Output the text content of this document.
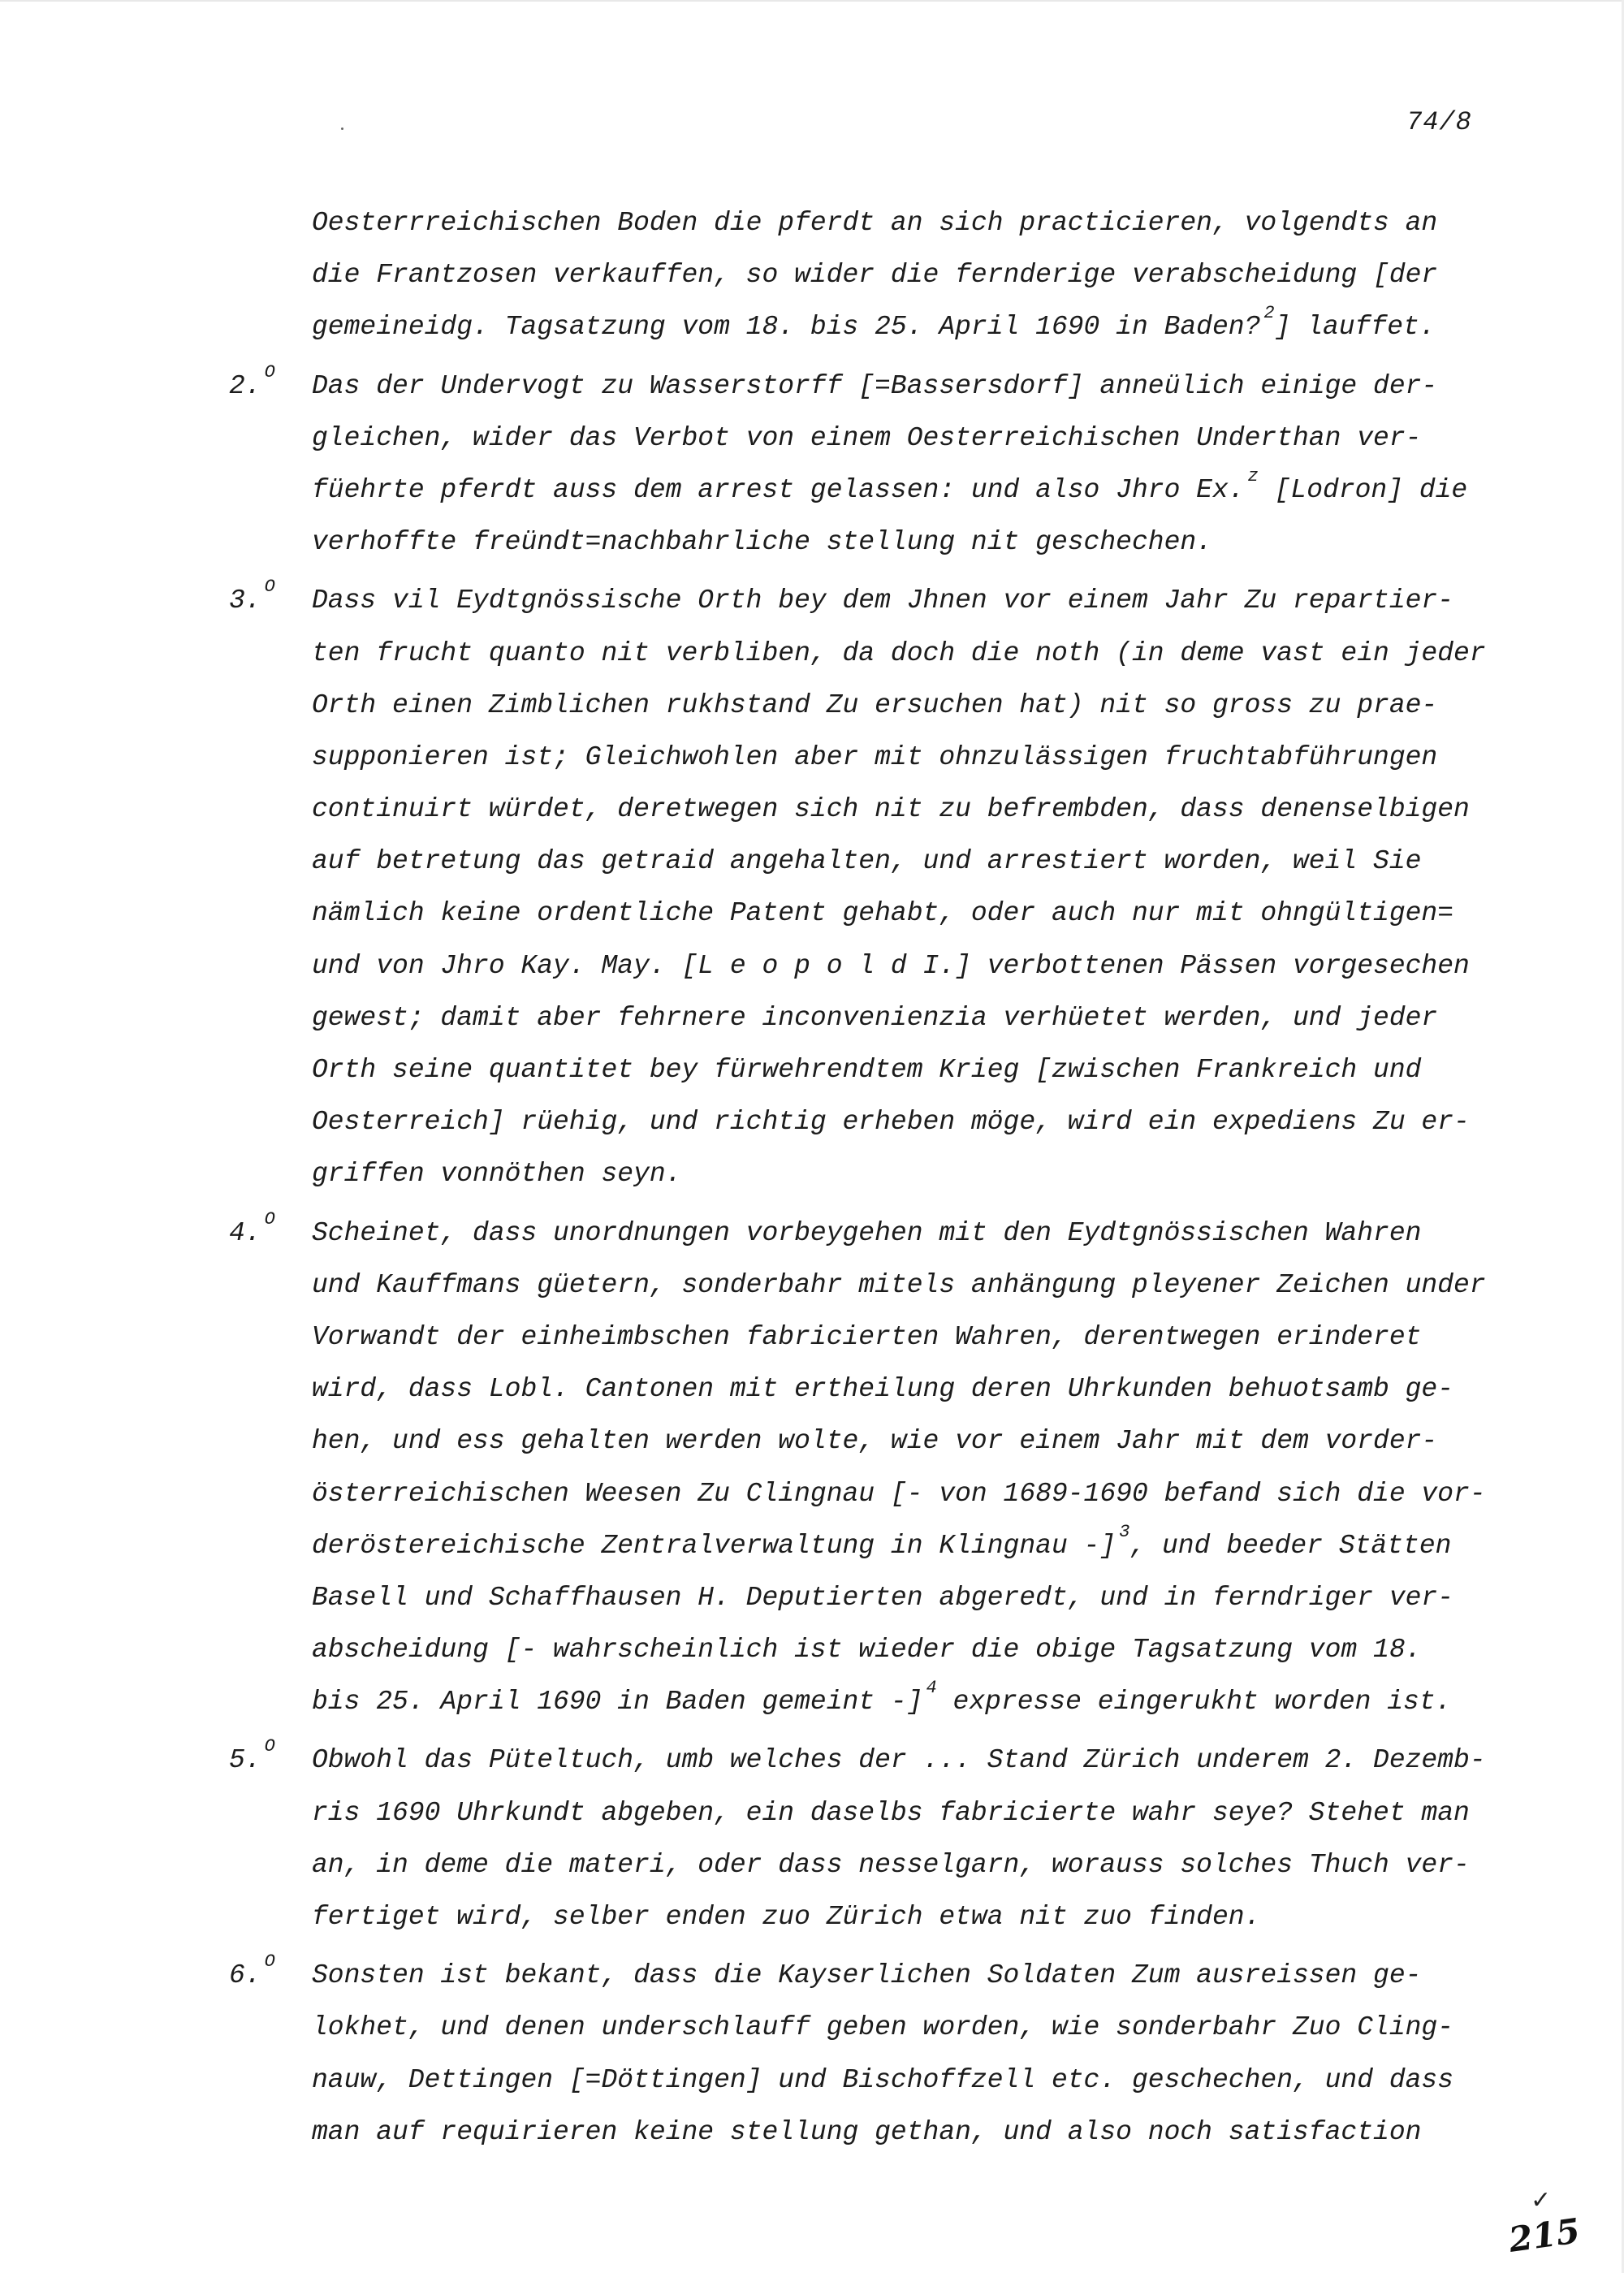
74/8
Oesterrreichischen Boden die pferdt an sich practicieren, volgendts an
die Frantzosen verkauffen, so wider die fernderige verabscheidung [der
gemeineidg. Tagsatzung vom 18. bis 25. April 1690 in Baden? $^2$] lauffet.
2. $^O$ Das der Undervogt zu Wasserstorff [=Bassersdorf] anneülich einige der-
gleichen, wider das Verbot von einem Oesterreichischen Underthan ver-
füehrte pferdt auss dem arrest gelassen: und also Jhro Ex. $^z$ [Lodron] die
verhoffte freündt=nachbahrliche stellung nit geschechen.
3. $^O$ Dass vil Eydtgnössische Orth bey dem Jhnen vor einem Jahr Zu repartier-
ten frucht quanto nit verbliben, da doch die noth (in deme vast ein jeder
Orth einen Zimblichen rukhstand Zu ersuchen hat) nit so gross zu prae-
supponieren ist; Gleichwohlen aber mit ohnzulässigen fruchtabführungen
continuirt würdet, deretwegen sich nit zu befrembden, dass denenselbigen
auf betretung das getraid angehalten, und arrestiert worden, weil Sie
nämlich keine ordentliche Patent gehabt, oder auch nur mit ohngültigen=
und von Jhro Kay. May. [L e o p o l d I.] verbottenen Pässen vorgesechen
gewest; damit aber fehrnere inconvenienzia verhüetet werden, und jeder
Orth seine quantitet bey fürwehrendtem Krieg [zwischen Frankreich und
Oesterreich] rüehig, und richtig erheben möge, wird ein expediens Zu er-
griffen vonnöthen seyn.
4. $^O$ Scheinet, dass unordnungen vorbeygehen mit den Eydtgnössischen Wahren
und Kauffmans güetern, sonderbahr mitels anhängung pleyener Zeichen under
Vorwandt der einheimbschen fabricierten Wahren, derentwegen erinderet
wird, dass Lobl. Cantonen mit ertheilung deren Uhrkunden behuotsamb ge-
hen, und ess gehalten werden wolte, wie vor einem Jahr mit dem vorder-
österreichischen Weesen Zu Clingnau [- von 1689-1690 befand sich die vor-
deröstereichische Zentralverwaltung in Klingnau -] $^3$, und beeder Stätten
Basell und Schaffhausen H. Deputierten abgeredt, und in ferndriger ver-
abscheidung [- wahrscheinlich ist wieder die obige Tagsatzung vom 18.
bis 25. April 1690 in Baden gemeint -] $^4$ expresse eingerukht worden ist.
5. $^O$ Obwohl das Püteltuch, umb welches der ... Stand Zürich underem 2. Dezemb-
ris 1690 Uhrkundt abgeben, ein daselbs fabricierte wahr seye? Stehet man
an, in deme die materi, oder dass nesselgarn, worauss solches Thuch ver-
fertiget wird, selber enden zuo Zürich etwa nit zuo finden.
6. $^O$ Sonsten ist bekant, dass die Kayserlichen Soldaten Zum ausreissen ge-
lokhet, und denen underschlauff geben worden, wie sonderbahr Zuo Cling-
nauw, Dettingen [=Döttingen] und Bischoffzell etc. geschechen, und dass
man auf requirieren keine stellung gethan, und also noch satisfaction
✓
215
